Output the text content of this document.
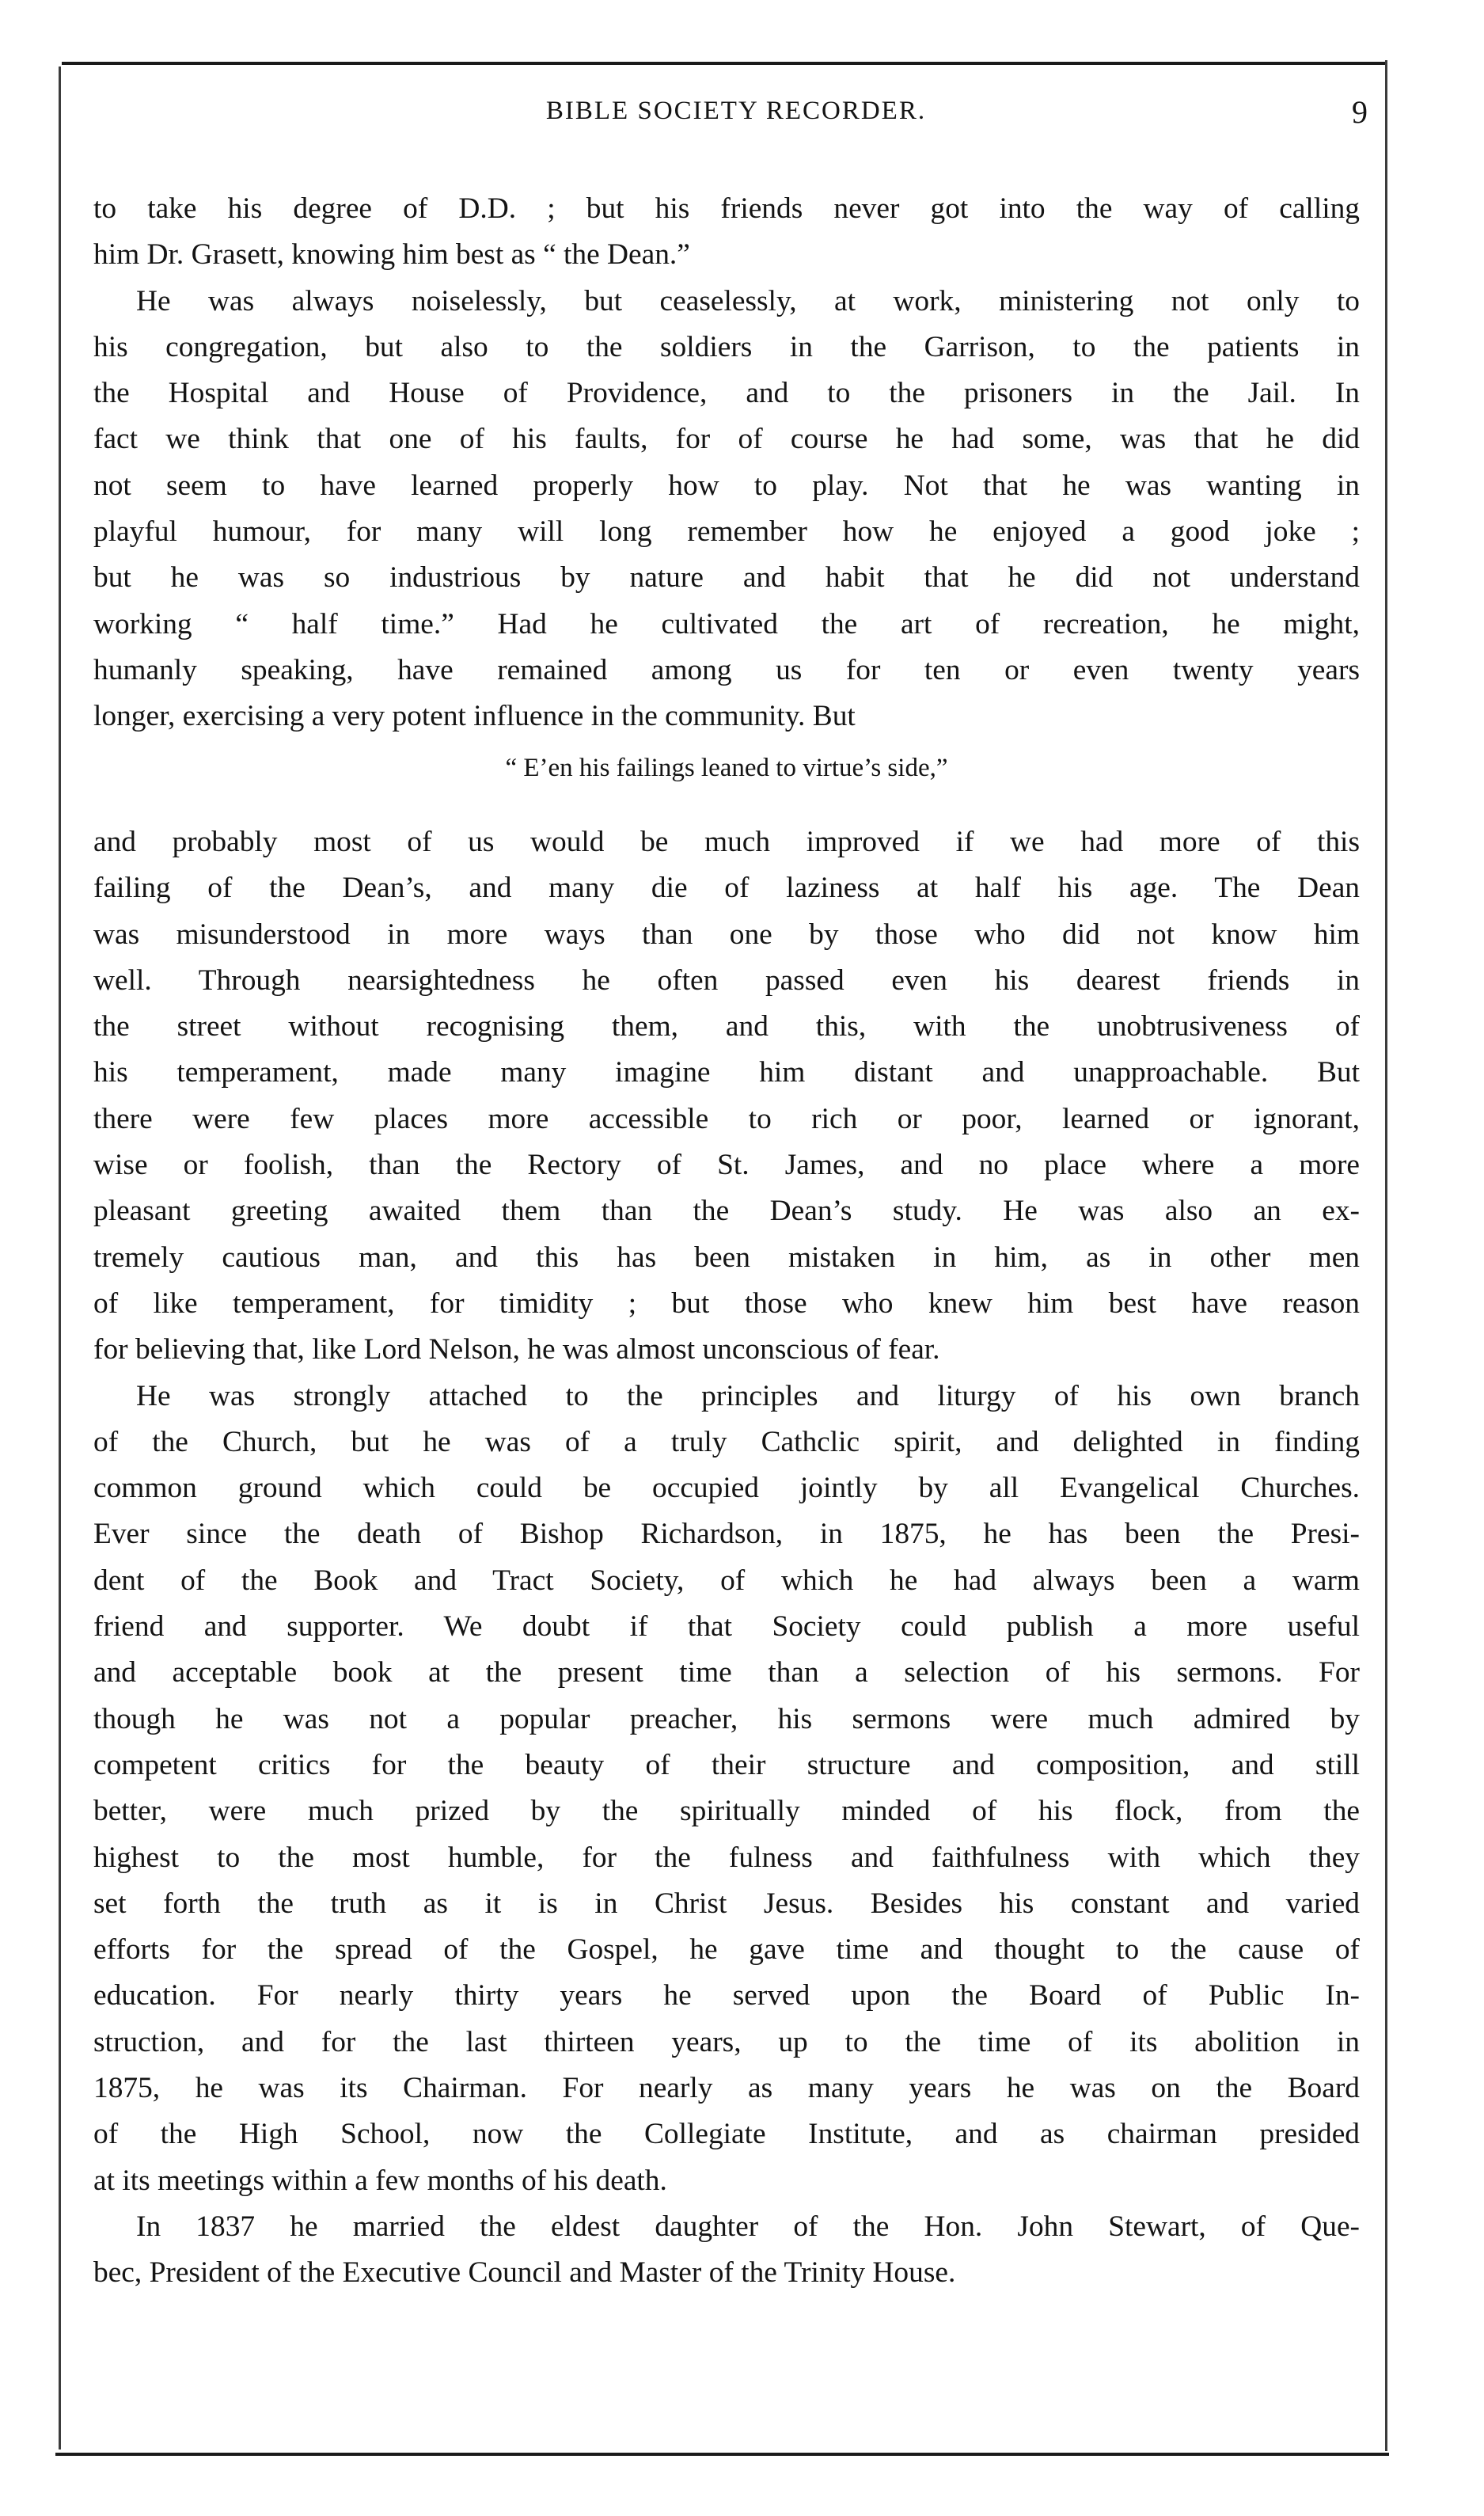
BIBLE SOCIETY RECORDER.	9
to take his degree of D.D. ; but his friends never got into the way of calling
him Dr. Grasett, knowing him best as “ the Dean.”
He was always noiselessly, but ceaselessly, at work, ministering not only to
his congregation, but also to the soldiers in the Garrison, to the patients in
the Hospital and House of Providence, and to the prisoners in the Jail. In
fact we think that one of his faults, for of course he had some, was that he did
not seem to have learned properly how to play. Not that he was wanting in
playful humour, for many will long remember how he enjoyed a good joke ;
but he was so industrious by nature and habit that he did not understand
working “ half time.” Had he cultivated the art of recreation, he might,
humanly speaking, have remained among us for ten or even twenty years
longer, exercising a very potent influence in the community. But
“ E’en his failings leaned to virtue’s side,”
and probably most of us would be much improved if we had more of this
failing of the Dean’s, and many die of laziness at half his age. The Dean
was misunderstood in more ways than one by those who did not know him
well. Through nearsightedness he often passed even his dearest friends in
the street without recognising them, and this, with the unobtrusiveness of
his temperament, made many imagine him distant and unapproachable. But
there were few places more accessible to rich or poor, learned or ignorant,
wise or foolish, than the Rectory of St. James, and no place where a more
pleasant greeting awaited them than the Dean’s study. He was also an ex-
tremely cautious man, and this has been mistaken in him, as in other men
of like temperament, for timidity ; but those who knew him best have reason
for believing that, like Lord Nelson, he was almost unconscious of fear.
He was strongly attached to the principles and liturgy of his own branch
of the Church, but he was of a truly Cathclic spirit, and delighted in finding
common ground which could be occupied jointly by all Evangelical Churches.
Ever since the death of Bishop Richardson, in 1875, he has been the Presi-
dent of the Book and Tract Society, of which he had always been a warm
friend and supporter. We doubt if that Society could publish a more useful
and acceptable book at the present time than a selection of his sermons. For
though he was not a popular preacher, his sermons were much admired by
competent critics for the beauty of their structure and composition, and still
better, were much prized by the spiritually minded of his flock, from the
highest to the most humble, for the fulness and faithfulness with which they
set forth the truth as it is in Christ Jesus. Besides his constant and varied
efforts for the spread of the Gospel, he gave time and thought to the cause of
education. For nearly thirty years he served upon the Board of Public In-
struction, and for the last thirteen years, up to the time of its abolition in
1875, he was its Chairman. For nearly as many years he was on the Board
of the High School, now the Collegiate Institute, and as chairman presided
at its meetings within a few months of his death.
In 1837 he married the eldest daughter of the Hon. John Stewart, of Que-
bec, President of the Executive Council and Master of the Trinity House.
